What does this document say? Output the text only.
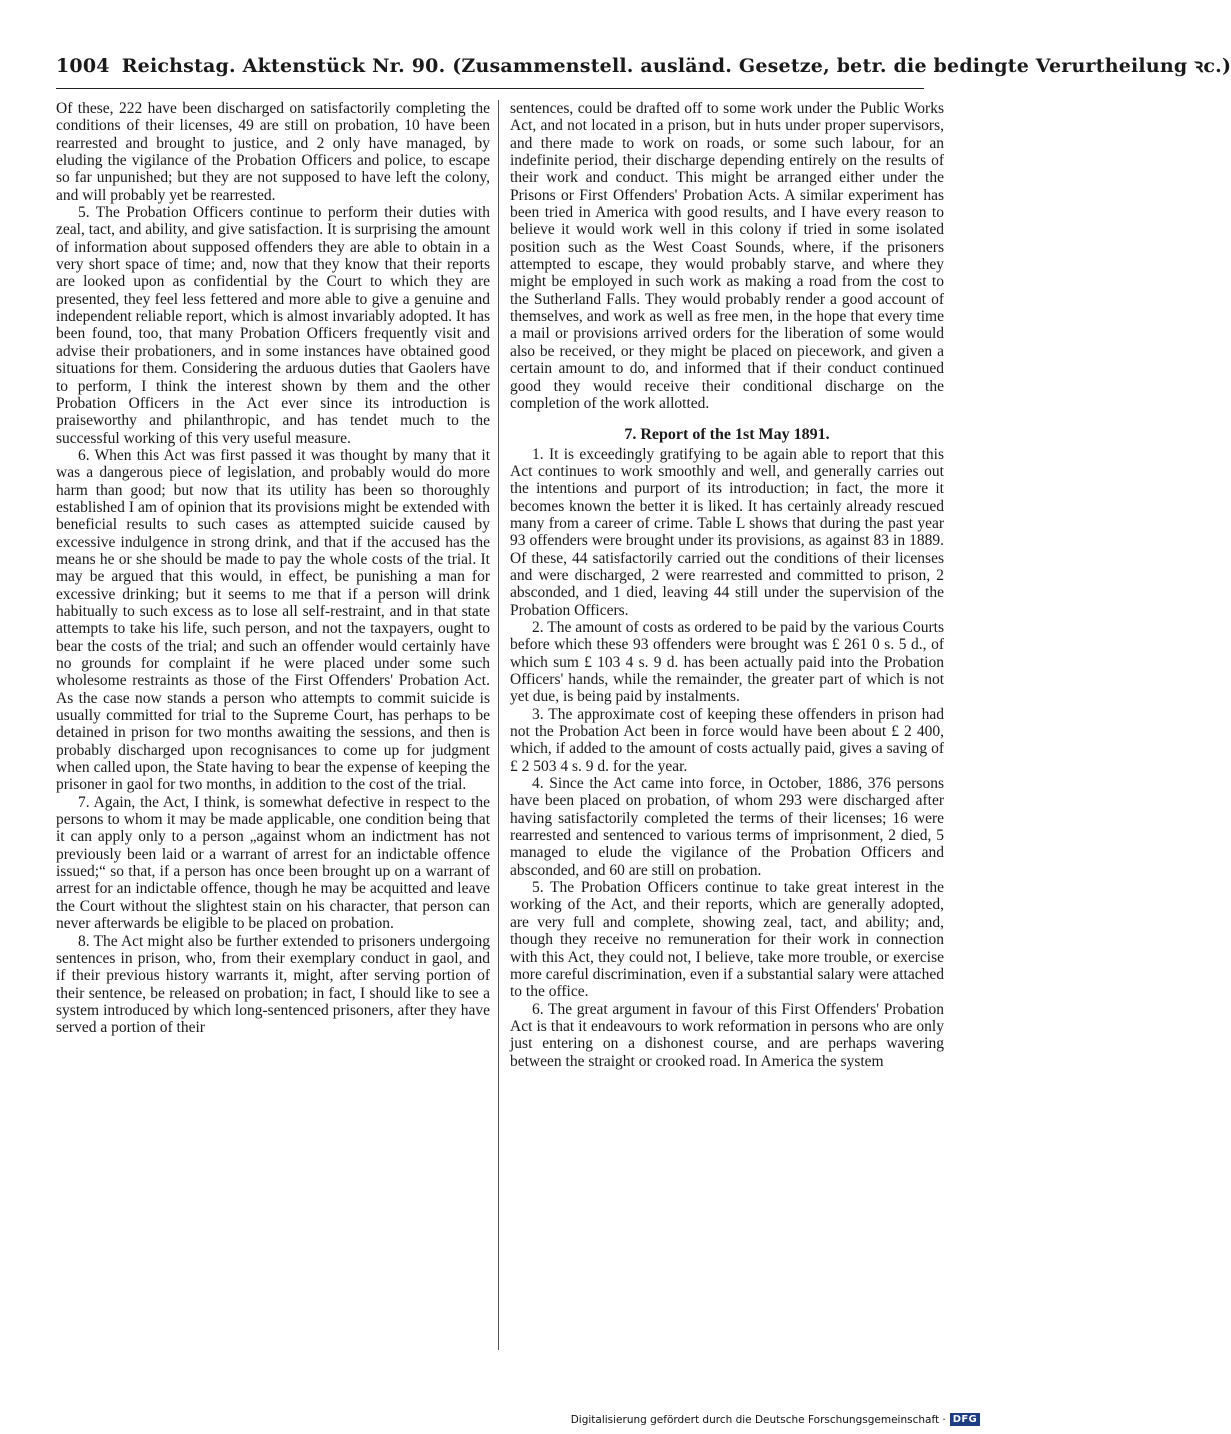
1004 Reichstag. Aktenstück Nr. 90. (Zusammenstell. ausländ. Gesetze, betr. die bedingte Verurtheilung ꝛc.)

Of these, 222 have been discharged on satisfactorily completing the conditions of their licenses, 49 are still on probation, 10 have been rearrested and brought to justice, and 2 only have managed, by eluding the vigilance of the Probation Officers and police, to escape so far unpunished; but they are not supposed to have left the colony, and will probably yet be rearrested.

5. The Probation Officers continue to perform their duties with zeal, tact, and ability, and give satisfaction. It is surprising the amount of information about supposed offenders they are able to obtain in a very short space of time; and, now that they know that their reports are looked upon as confidential by the Court to which they are presented, they feel less fettered and more able to give a genuine and independent reliable report, which is almost invariably adopted. It has been found, too, that many Probation Officers frequently visit and advise their probationers, and in some instances have obtained good situations for them. Considering the arduous duties that Gaolers have to perform, I think the interest shown by them and the other Probation Officers in the Act ever since its introduction is praiseworthy and philanthropic, and has tendet much to the successful working of this very useful measure.

6. When this Act was first passed it was thought by many that it was a dangerous piece of legislation, and probably would do more harm than good; but now that its utility has been so thoroughly established I am of opinion that its provisions might be extended with beneficial results to such cases as attempted suicide caused by excessive indulgence in strong drink, and that if the accused has the means he or she should be made to pay the whole costs of the trial. It may be argued that this would, in effect, be punishing a man for excessive drinking; but it seems to me that if a person will drink habitually to such excess as to lose all self-restraint, and in that state attempts to take his life, such person, and not the taxpayers, ought to bear the costs of the trial; and such an offender would certainly have no grounds for complaint if he were placed under some such wholesome restraints as those of the First Offenders' Probation Act. As the case now stands a person who attempts to commit suicide is usually committed for trial to the Supreme Court, has perhaps to be detained in prison for two months awaiting the sessions, and then is probably discharged upon recognisances to come up for judgment when called upon, the State having to bear the expense of keeping the prisoner in gaol for two months, in addition to the cost of the trial.

7. Again, the Act, I think, is somewhat defective in respect to the persons to whom it may be made applicable, one condition being that it can apply only to a person „against whom an indictment has not previously been laid or a warrant of arrest for an indictable offence issued;“ so that, if a person has once been brought up on a warrant of arrest for an indictable offence, though he may be acquitted and leave the Court without the slightest stain on his character, that person can never afterwards be eligible to be placed on probation.

8. The Act might also be further extended to prisoners undergoing sentences in prison, who, from their exemplary conduct in gaol, and if their previous history warrants it, might, after serving portion of their sentence, be released on probation; in fact, I should like to see a system introduced by which long-sentenced prisoners, after they have served a portion of their

sentences, could be drafted off to some work under the Public Works Act, and not located in a prison, but in huts under proper supervisors, and there made to work on roads, or some such labour, for an indefinite period, their discharge depending entirely on the results of their work and conduct. This might be arranged either under the Prisons or First Offenders' Probation Acts. A similar experiment has been tried in America with good results, and I have every reason to believe it would work well in this colony if tried in some isolated position such as the West Coast Sounds, where, if the prisoners attempted to escape, they would probably starve, and where they might be employed in such work as making a road from the cost to the Sutherland Falls. They would probably render a good account of themselves, and work as well as free men, in the hope that every time a mail or provisions arrived orders for the liberation of some would also be received, or they might be placed on piecework, and given a certain amount to do, and informed that if their conduct continued good they would receive their conditional discharge on the completion of the work allotted.

7. Report of the 1st May 1891.

1. It is exceedingly gratifying to be again able to report that this Act continues to work smoothly and well, and generally carries out the intentions and purport of its introduction; in fact, the more it becomes known the better it is liked. It has certainly already rescued many from a career of crime. Table L shows that during the past year 93 offenders were brought under its provisions, as against 83 in 1889. Of these, 44 satisfactorily carried out the conditions of their licenses and were discharged, 2 were rearrested and committed to prison, 2 absconded, and 1 died, leaving 44 still under the supervision of the Probation Officers.

2. The amount of costs as ordered to be paid by the various Courts before which these 93 offenders were brought was £ 261 0 s. 5 d., of which sum £ 103 4 s. 9 d. has been actually paid into the Probation Officers' hands, while the remainder, the greater part of which is not yet due, is being paid by instalments.

3. The approximate cost of keeping these offenders in prison had not the Probation Act been in force would have been about £ 2 400, which, if added to the amount of costs actually paid, gives a saving of £ 2 503 4 s. 9 d. for the year.

4. Since the Act came into force, in October, 1886, 376 persons have been placed on probation, of whom 293 were discharged after having satisfactorily completed the terms of their licenses; 16 were rearrested and sentenced to various terms of imprisonment, 2 died, 5 managed to elude the vigilance of the Probation Officers and absconded, and 60 are still on probation.

5. The Probation Officers continue to take great interest in the working of the Act, and their reports, which are generally adopted, are very full and complete, showing zeal, tact, and ability; and, though they receive no remuneration for their work in connection with this Act, they could not, I believe, take more trouble, or exercise more careful discrimination, even if a substantial salary were attached to the office.

6. The great argument in favour of this First Offenders' Probation Act is that it endeavours to work reformation in persons who are only just entering on a dishonest course, and are perhaps wavering between the straight or crooked road. In America the system

Digitalisierung gefördert durch die Deutsche Forschungsgemeinschaft · DFG
